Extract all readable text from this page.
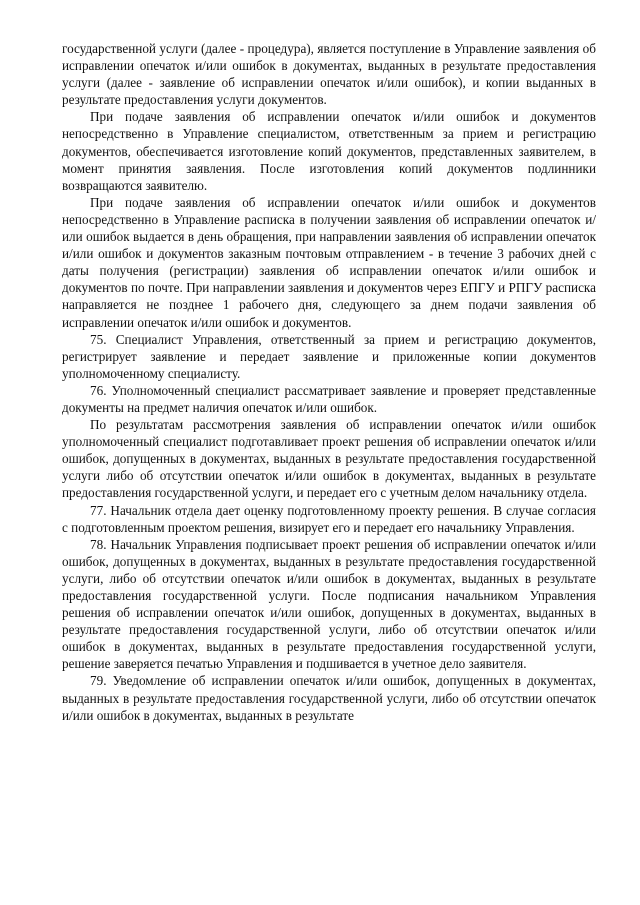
государственной услуги (далее - процедура), является поступление в Управление заявления об исправлении опечаток и/или ошибок в документах, выданных в результате предоставления услуги (далее - заявление об исправлении опечаток и/или ошибок), и копии выданных в результате предоставления услуги документов.

При подаче заявления об исправлении опечаток и/или ошибок и документов непосредственно в Управление специалистом, ответственным за прием и регистрацию документов, обеспечивается изготовление копий документов, представленных заявителем, в момент принятия заявления. После изготовления копий документов подлинники возвращаются заявителю.

При подаче заявления об исправлении опечаток и/или ошибок и документов непосредственно в Управление расписка в получении заявления об исправлении опечаток и/или ошибок выдается в день обращения, при направлении заявления об исправлении опечаток и/или ошибок и документов заказным почтовым отправлением - в течение 3 рабочих дней с даты получения (регистрации) заявления об исправлении опечаток и/или ошибок и документов по почте. При направлении заявления и документов через ЕПГУ и РПГУ расписка направляется не позднее 1 рабочего дня, следующего за днем подачи заявления об исправлении опечаток и/или ошибок и документов.

75. Специалист Управления, ответственный за прием и регистрацию документов, регистрирует заявление и передает заявление и приложенные копии документов уполномоченному специалисту.

76. Уполномоченный специалист рассматривает заявление и проверяет представленные документы на предмет наличия опечаток и/или ошибок.

По результатам рассмотрения заявления об исправлении опечаток и/или ошибок уполномоченный специалист подготавливает проект решения об исправлении опечаток и/или ошибок, допущенных в документах, выданных в результате предоставления государственной услуги либо об отсутствии опечаток и/или ошибок в документах, выданных в результате предоставления государственной услуги, и передает его с учетным делом начальнику отдела.

77. Начальник отдела дает оценку подготовленному проекту решения. В случае согласия с подготовленным проектом решения, визирует его и передает его начальнику Управления.

78. Начальник Управления подписывает проект решения об исправлении опечаток и/или ошибок, допущенных в документах, выданных в результате предоставления государственной услуги, либо об отсутствии опечаток и/или ошибок в документах, выданных в результате предоставления государственной услуги. После подписания начальником Управления решения об исправлении опечаток и/или ошибок, допущенных в документах, выданных в результате предоставления государственной услуги, либо об отсутствии опечаток и/или ошибок в документах, выданных в результате предоставления государственной услуги, решение заверяется печатью Управления и подшивается в учетное дело заявителя.

79. Уведомление об исправлении опечаток и/или ошибок, допущенных в документах, выданных в результате предоставления государственной услуги, либо об отсутствии опечаток и/или ошибок в документах, выданных в результате
